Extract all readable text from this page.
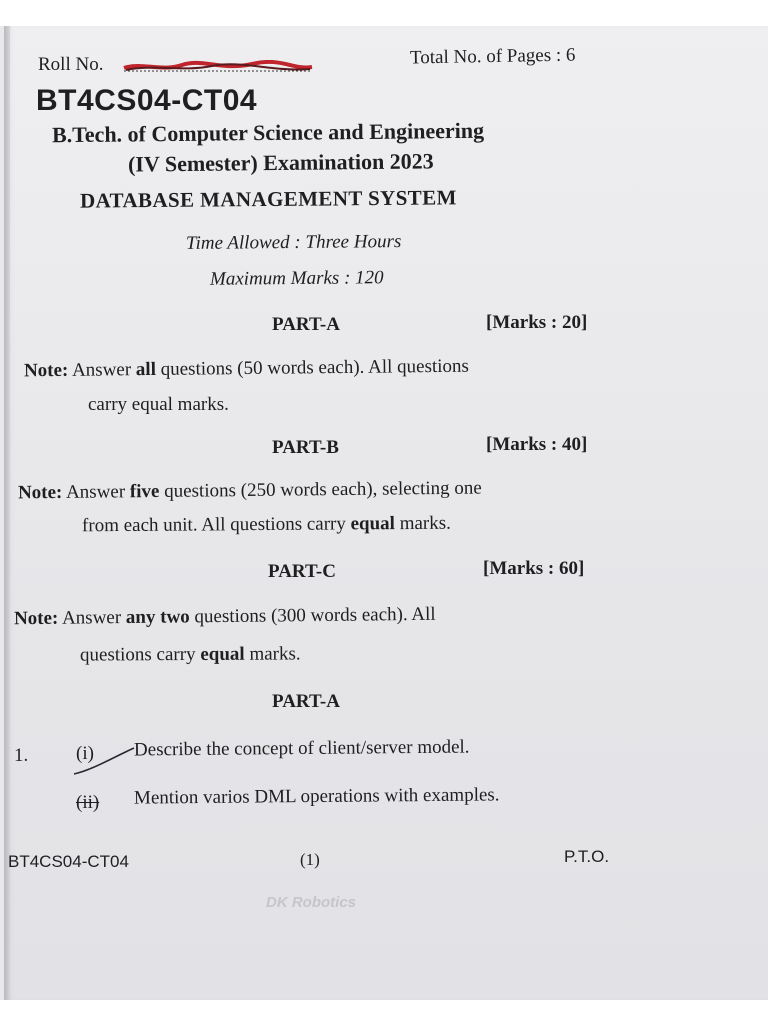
Roll No.	Total No. of Pages : 6
BT4CS04-CT04
B.Tech. of Computer Science and Engineering
(IV Semester) Examination 2023
DATABASE MANAGEMENT SYSTEM
Time Allowed : Three Hours
Maximum Marks : 120
PART-A	[Marks : 20]
Note: Answer all questions (50 words each). All questions
carry equal marks.
PART-B	[Marks : 40]
Note: Answer five questions (250 words each), selecting one
from each unit. All questions carry equal marks.
PART-C	[Marks : 60]
Note: Answer any two questions (300 words each). All
questions carry equal marks.
PART-A
1.	(i) Describe the concept of client/server model.
(ii) Mention varios DML operations with examples.
BT4CS04-CT04	(1)	P.T.O.
DK Robotics
